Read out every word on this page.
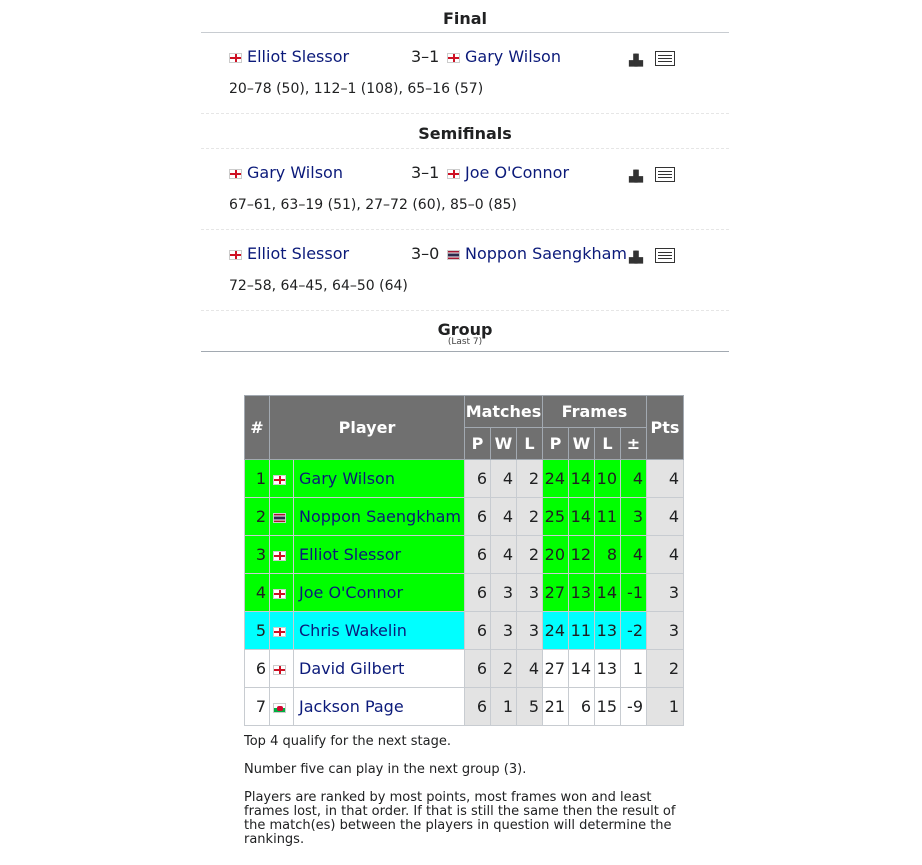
Final
Elliot Slessor	3–1	Gary Wilson	▟▙
20–78 (50), 112–1 (108), 65–16 (57)
Semifinals
Gary Wilson	3–1	Joe O'Connor	▟▙
67–61, 63–19 (51), 27–72 (60), 85–0 (85)
Elliot Slessor	3–0	Noppon Saengkham ▟▙
72–58, 64–45, 64–50 (64)
Group
(Last 7)
#	Player		Matches			Frames				Pts
			P	W	L	P	W	L	±	
1		Gary Wilson	6	4	2	24	14	10	4	4
2		Noppon Saengkham	6	4	2	25	14	11	3	4
3		Elliot Slessor	6	4	2	20	12	8	4	4
4		Joe O'Connor	6	3	3	27	13	14	-1	3
5		Chris Wakelin	6	3	3	24	11	13	-2	3
6		David Gilbert	6	2	4	27	14	13	1	2
7		Jackson Page	6	1	5	21	6	15	-9	1

Top 4 qualify for the next stage.

Number five can play in the next group (3).

Players are ranked by most points, most frames won and least frames lost, in that order. If that is still the same then the result of the match(es) between the players in question will determine the rankings.
